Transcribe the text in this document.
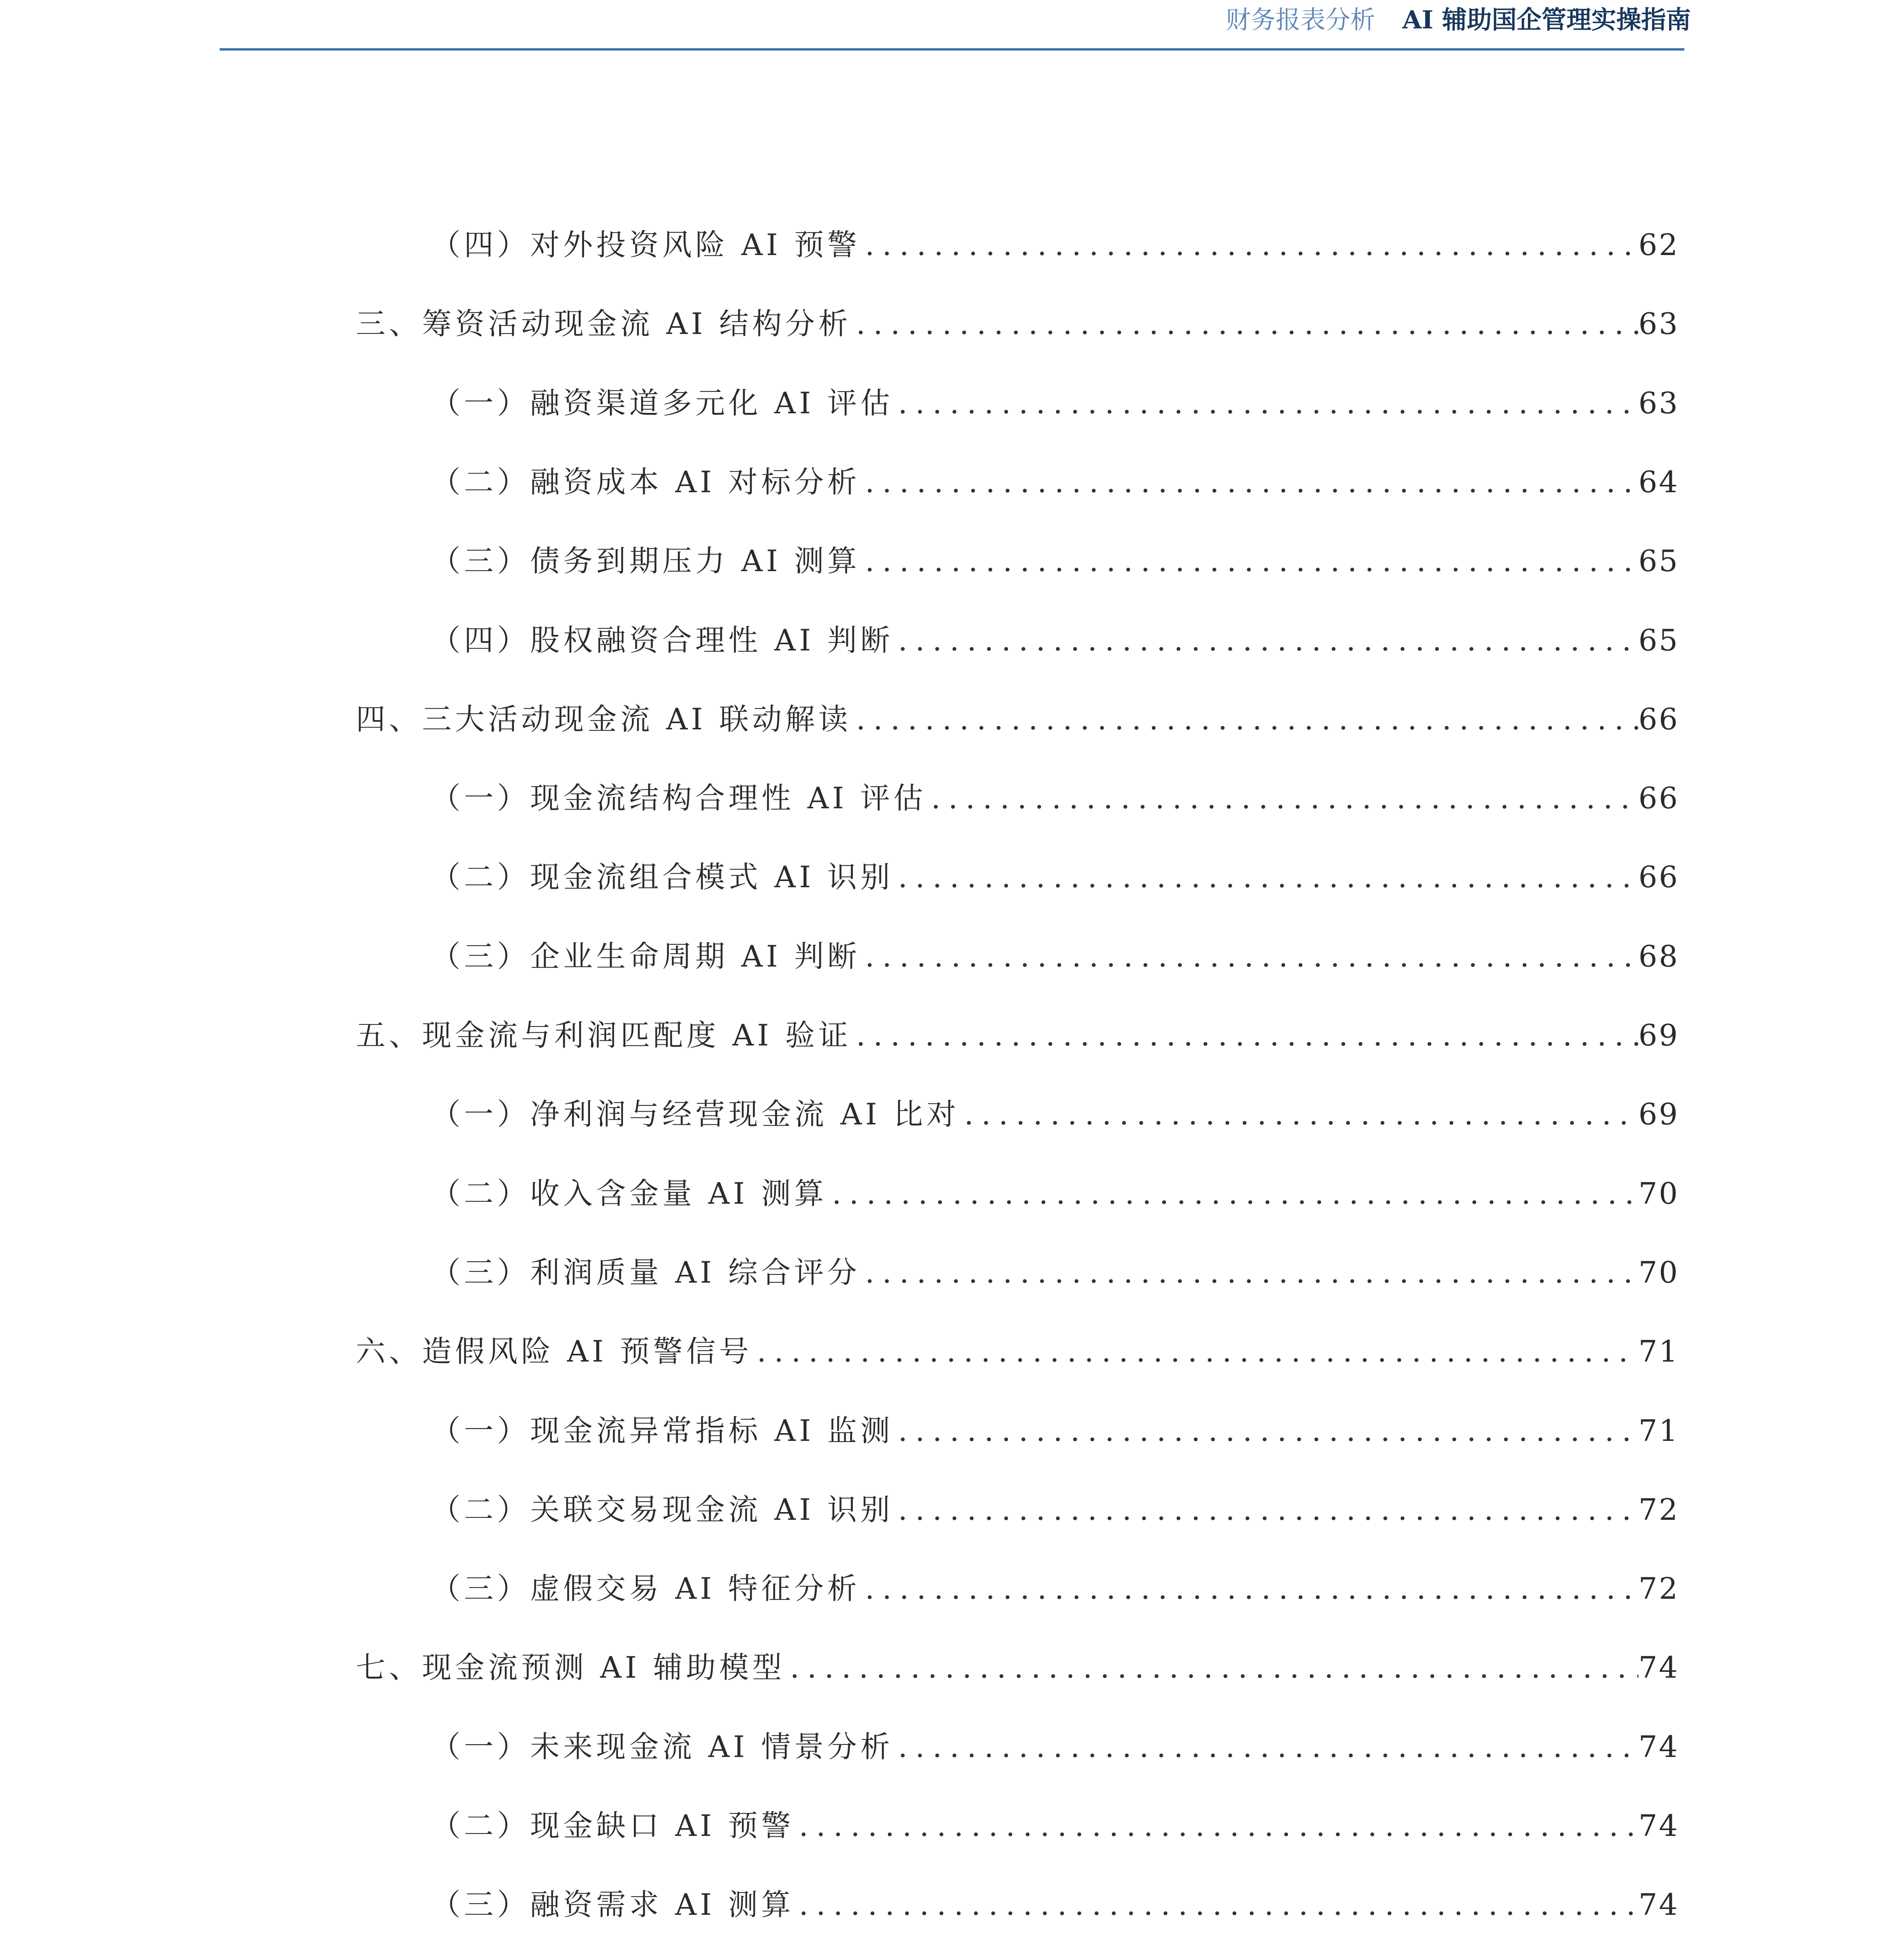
财务报表分析 AI 辅助国企管理实操指南
（四）对外投资风险 AI 预警 . . .	62
三、筹资活动现金流 AI 结构分析 . . .	63
（一）融资渠道多元化 AI 评估 . . .	63
（二）融资成本 AI 对标分析 . . .	64
（三）债务到期压力 AI 测算 . . .	65
（四）股权融资合理性 AI 判断 . . .	65
四、三大活动现金流 AI 联动解读 . . .	66
（一）现金流结构合理性 AI 评估 . . .	66
（二）现金流组合模式 AI 识别 . . .	66
（三）企业生命周期 AI 判断 . . .	68
五、现金流与利润匹配度 AI 验证 . . .	69
（一）净利润与经营现金流 AI 比对 . . .	69
（二）收入含金量 AI 测算 . . .	70
（三）利润质量 AI 综合评分 . . .	70
六、造假风险 AI 预警信号 . . .	71
（一）现金流异常指标 AI 监测 . . .	71
（二）关联交易现金流 AI 识别 . . .	72
（三）虚假交易 AI 特征分析 . . .	72
七、现金流预测 AI 辅助模型 . . .	74
（一）未来现金流 AI 情景分析 . . .	74
（二）现金缺口 AI 预警 . . .	74
（三）融资需求 AI 测算 . . .	74
